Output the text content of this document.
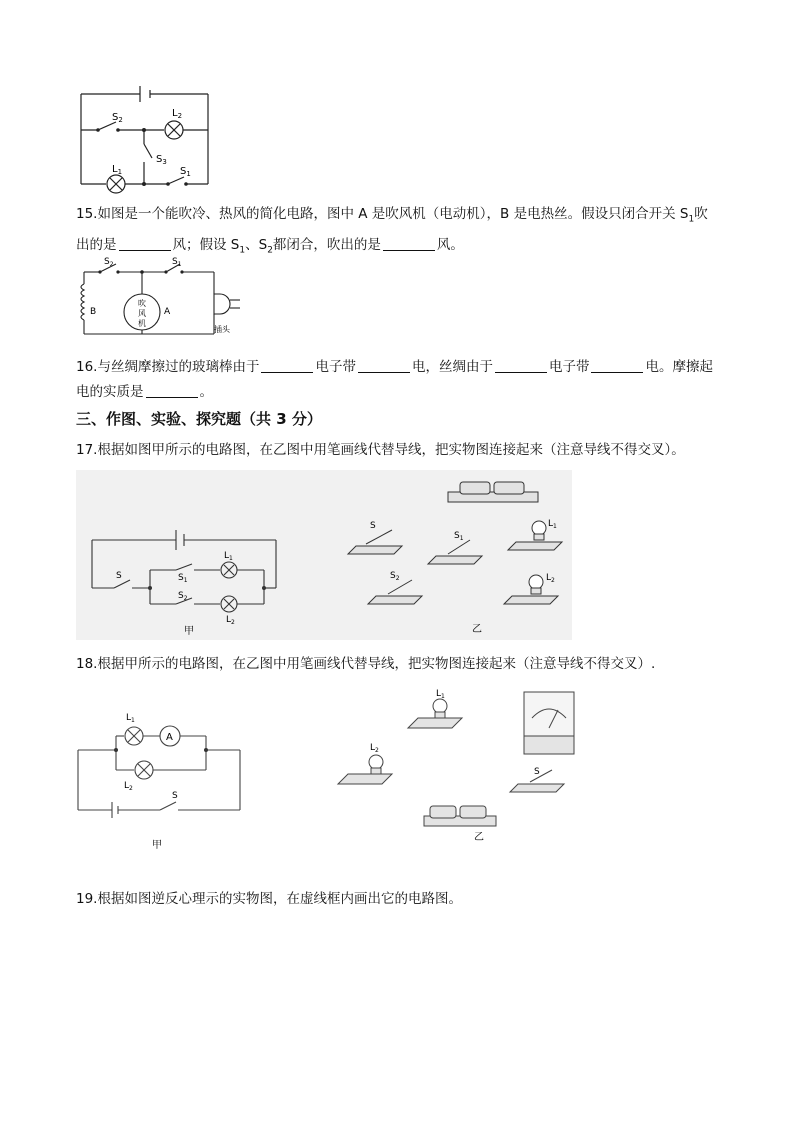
$S_2$
$L_2$
$S_3$
$L_1$	$S_1$
15.如图是一个能吹冷、热风的简化电路，图中 A 是吹风机（电动机），B 是电热丝。假设只闭合开关 $S_1$吹
出的是	风；假设 $S_1$、$S_2$都闭合，吹出的是	风。
$S_2$	$S_1$
B
吹
风
机
A
插头
16.与丝绸摩擦过的玻璃棒由于	电子带	电，丝绸由于	电子带	电。摩擦起
电的实质是	。
三、作图、实验、探究题（共 3 分）
17.根据如图甲所示的电路图，在乙图中用笔画线代替导线，把实物图连接起来（注意导线不得交叉）。
S	$S_1$
$L_1$
$S_2$
$L_2$
甲
S
$S_1$
$L_1$
$S_2$	$L_2$
乙
18.根据甲所示的电路图，在乙图中用笔画线代替导线，把实物图连接起来（注意导线不得交叉）.
$L_1$
A
$L_2$
S
甲
$L_1$
$L_2$
S
乙
19.根据如图逆反心理示的实物图，在虚线框内画出它的电路图。
